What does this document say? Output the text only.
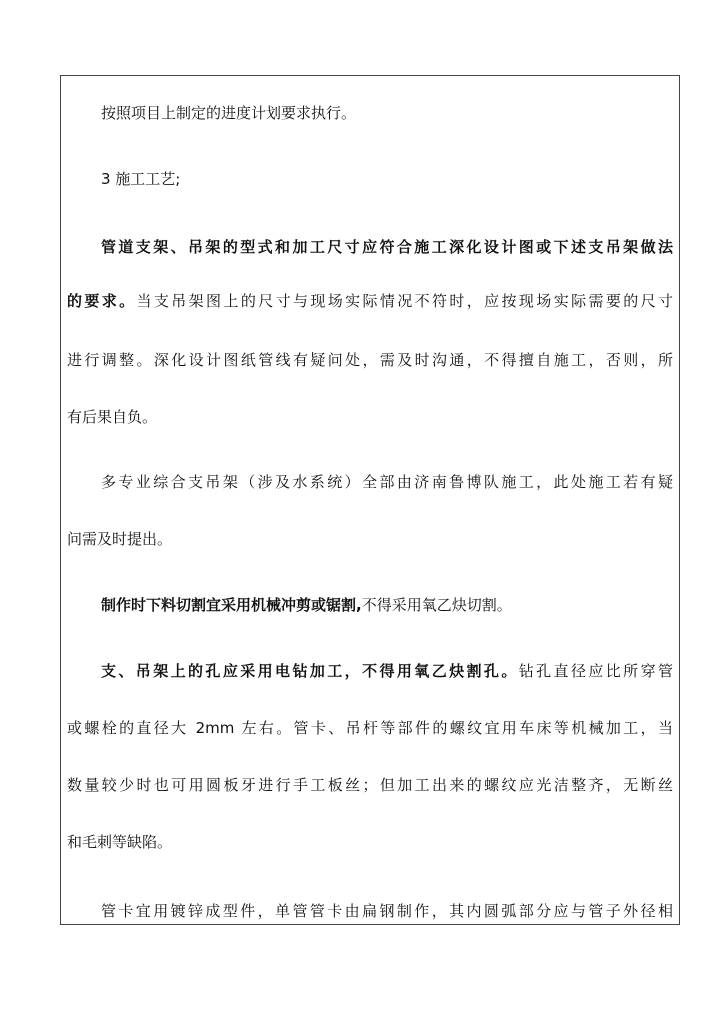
按照项目上制定的进度计划要求执行。
3 施工工艺;
管道支架、吊架的型式和加工尺寸应符合施工深化设计图或下述支吊架做法
的要求。当支吊架图上的尺寸与现场实际情况不符时，应按现场实际需要的尺寸
进行调整。深化设计图纸管线有疑问处，需及时沟通，不得擅自施工，否则，所
有后果自负。
多专业综合支吊架（涉及水系统）全部由济南鲁博队施工，此处施工若有疑
问需及时提出。
制作时下料切割宜采用机械冲剪或锯割,不得采用氧乙炔切割。
支、吊架上的孔应采用电钻加工，不得用氧乙炔割孔。钻孔直径应比所穿管
或螺栓的直径大 2mm 左右。管卡、吊杆等部件的螺纹宜用车床等机械加工，当
数量较少时也可用圆板牙进行手工板丝；但加工出来的螺纹应光洁整齐，无断丝
和毛刺等缺陷。
管卡宜用镀锌成型件，单管管卡由扁钢制作，其内圆弧部分应与管子外径相
